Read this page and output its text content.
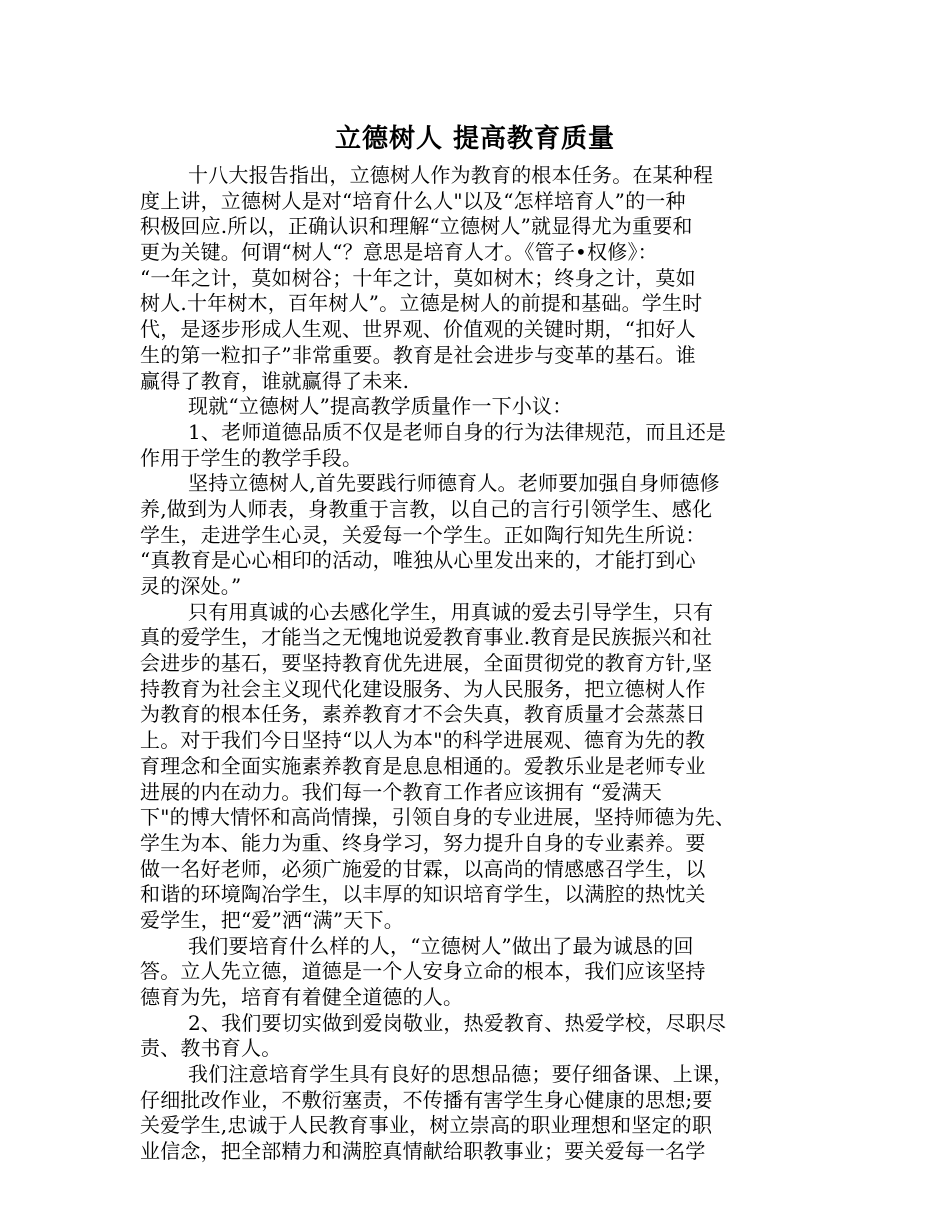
立德树人 提高教育质量
十八大报告指出，立德树人作为教育的根本任务。在某种程
度上讲，立德树人是对“培育什么人"以及“怎样培育人”的一种
积极回应.所以，正确认识和理解“立德树人”就显得尤为重要和
更为关键。何谓“树人“？意思是培育人才。《管子•权修》：
“一年之计，莫如树谷；十年之计，莫如树木；终身之计，莫如
树人.十年树木，百年树人”。立德是树人的前提和基础。学生时
代，是逐步形成人生观、世界观、价值观的关键时期，“扣好人
生的第一粒扣子”非常重要。教育是社会进步与变革的基石。谁
赢得了教育，谁就赢得了未来.
现就“立德树人”提高教学质量作一下小议：
1、老师道德品质不仅是老师自身的行为法律规范，而且还是
作用于学生的教学手段。
坚持立德树人,首先要践行师德育人。老师要加强自身师德修
养,做到为人师表，身教重于言教，以自己的言行引领学生、感化
学生，走进学生心灵，关爱每一个学生。正如陶行知先生所说：
“真教育是心心相印的活动，唯独从心里发出来的，才能打到心
灵的深处。”
只有用真诚的心去感化学生，用真诚的爱去引导学生，只有
真的爱学生，才能当之无愧地说爱教育事业.教育是民族振兴和社
会进步的基石，要坚持教育优先进展，全面贯彻党的教育方针,坚
持教育为社会主义现代化建设服务、为人民服务，把立德树人作
为教育的根本任务，素养教育才不会失真，教育质量才会蒸蒸日
上。对于我们今日坚持“以人为本"的科学进展观、德育为先的教
育理念和全面实施素养教育是息息相通的。爱教乐业是老师专业
进展的内在动力。我们每一个教育工作者应该拥有 “爱满天
下"的博大情怀和高尚情操，引领自身的专业进展，坚持师德为先、
学生为本、能力为重、终身学习，努力提升自身的专业素养。要
做一名好老师，必须广施爱的甘霖，以高尚的情感感召学生，以
和谐的环境陶冶学生，以丰厚的知识培育学生，以满腔的热忱关
爱学生，把“爱”洒“满”天下。
我们要培育什么样的人，“立德树人”做出了最为诚恳的回
答。立人先立德，道德是一个人安身立命的根本，我们应该坚持
德育为先，培育有着健全道德的人。
2、我们要切实做到爱岗敬业，热爱教育、热爱学校，尽职尽
责、教书育人。
我们注意培育学生具有良好的思想品德；要仔细备课、上课，
仔细批改作业，不敷衍塞责，不传播有害学生身心健康的思想;要
关爱学生,忠诚于人民教育事业，树立崇高的职业理想和坚定的职
业信念，把全部精力和满腔真情献给职教事业；要关爱每一名学
